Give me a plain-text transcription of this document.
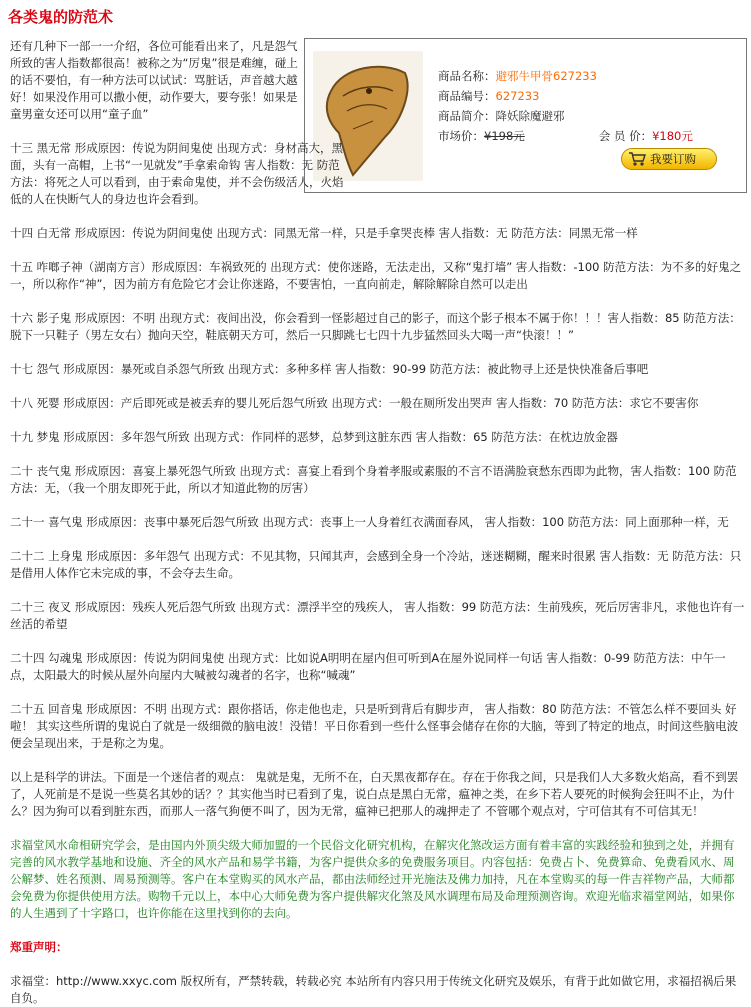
各类鬼的防范术
商品名称：避邪牛甲骨627233
商品编号：627233
商品简介：降妖除魔避邪
市场价：¥198元	会 员 价：¥180元
我要订购

还有几种下一部一一介绍，各位可能看出来了，凡是怨气所致的害人指数都很高！被称之为“厉鬼”很是难缠，碰上的话不要怕，有一种方法可以试试：骂脏话，声音越大越好！如果没作用可以撒小便，动作要大，要夸张！如果是童男童女还可以用“童子血”

十三 黑无常 形成原因：传说为阴间鬼使 出现方式：身材高大，黑面，头有一高帽，上书“一见就发”手拿索命钩 害人指数：无 防范方法：将死之人可以看到，由于索命鬼使，并不会伤级活人，火焰低的人在快断气人的身边也许会看到。

十四 白无常 形成原因：传说为阴间鬼使 出现方式：同黑无常一样，只是手拿哭丧棒 害人指数：无 防范方法：同黑无常一样

十五 咋啷子神（湖南方言）形成原因：车祸致死的 出现方式：使你迷路，无法走出，又称“鬼打墙” 害人指数：-100 防范方法：为不多的好鬼之一，所以称作“神”，因为前方有危险它才会让你迷路，不要害怕，一直向前走，解除解除自然可以走出

十六 影子鬼 形成原因：不明 出现方式：夜间出没，你会看到一怪影超过自己的影子，而这个影子根本不属于你！！！害人指数：85 防范方法：脱下一只鞋子（男左女右）抛向天空，鞋底朝天方可，然后一只脚跳七七四十九步猛然回头大喝一声“快滚！！”

十七 怨气 形成原因：暴死或自杀怨气所致 出现方式：多种多样 害人指数：90-99 防范方法：被此物寻上还是快快准备后事吧

十八 死婴 形成原因：产后即死或是被丢弃的婴儿死后怨气所致 出现方式：一般在厕所发出哭声 害人指数：70 防范方法：求它不要害你

十九 梦鬼 形成原因：多年怨气所致 出现方式：作同样的恶梦，总梦到这脏东西 害人指数：65 防范方法：在枕边放金器

二十 丧气鬼 形成原因：喜宴上暴死怨气所致 出现方式：喜宴上看到个身着孝服或素服的不言不语满脸衰愁东西即为此物，害人指数：100 防范方法：无，（我一个朋友即死于此，所以才知道此物的厉害）

二十一 喜气鬼 形成原因：丧事中暴死后怨气所致 出现方式：丧事上一人身着红衣满面春风， 害人指数：100 防范方法：同上面那种一样，无

二十二 上身鬼 形成原因：多年怨气 出现方式：不见其物，只闻其声，会感到全身一个冷站，迷迷糊糊，醒来时很累 害人指数：无 防范方法：只是借用人体作它未完成的事，不会夺去生命。

二十三 夜叉 形成原因：残疾人死后怨气所致 出现方式：漂浮半空的残疾人， 害人指数：99 防范方法：生前残疾，死后厉害非凡，求他也许有一丝活的希望

二十四 勾魂鬼 形成原因：传说为阴间鬼使 出现方式：比如说A明明在屋内但可听到A在屋外说同样一句话 害人指数：0-99 防范方法：中午一点，太阳最大的时候从屋外向屋内大喊被勾魂者的名字，也称“喊魂”

二十五 回音鬼 形成原因：不明 出现方式：跟你搭话，你走他也走，只是听到背后有脚步声， 害人指数：80 防范方法：不管怎么样不要回头 好啦！ 其实这些所谓的鬼说白了就是一级细微的脑电波！没错！平日你看到一些什么怪事会储存在你的大脑，等到了特定的地点，时间这些脑电波便会呈现出来，于是称之为鬼。

以上是科学的讲法。下面是一个迷信者的观点： 鬼就是鬼，无所不在，白天黑夜都存在。存在于你我之间，只是我们人大多数火焰高，看不到罢了，人死前是不是说一些莫名其妙的话？？其实他当时已看到了鬼，说白点是黑白无常，瘟神之类，在乡下若人要死的时候狗会狂叫不止，为什么？因为狗可以看到脏东西，而那人一落气狗便不叫了，因为无常，瘟神已把那人的魂押走了 不管哪个观点对，宁可信其有不可信其无！

求福堂风水命相研究学会，是由国内外顶尖级大师加盟的一个民俗文化研究机构，在解灾化煞改运方面有着丰富的实践经验和独到之处，并拥有完善的风水教学基地和设施、齐全的风水产品和易学书籍，为客户提供众多的免费服务项目。内容包括：免费占卜、免费算命、免费看风水、周公解梦、姓名预测、周易预测等。客户在本堂购买的风水产品，都由法师经过开光施法及佛力加持，凡在本堂购买的每一件吉祥物产品，大师都会免费为你提供使用方法。购物千元以上，本中心大师免费为客户提供解灾化煞及风水调理布局及命理预测咨询。欢迎光临求福堂网站，如果你的人生遇到了十字路口，也许你能在这里找到你的去向。

郑重声明：

求福堂：http://www.xxyc.com 版权所有，严禁转载，转载必究 本站所有内容只用于传统文化研究及娱乐，有背于此如做它用，求福招祸后果自负。
